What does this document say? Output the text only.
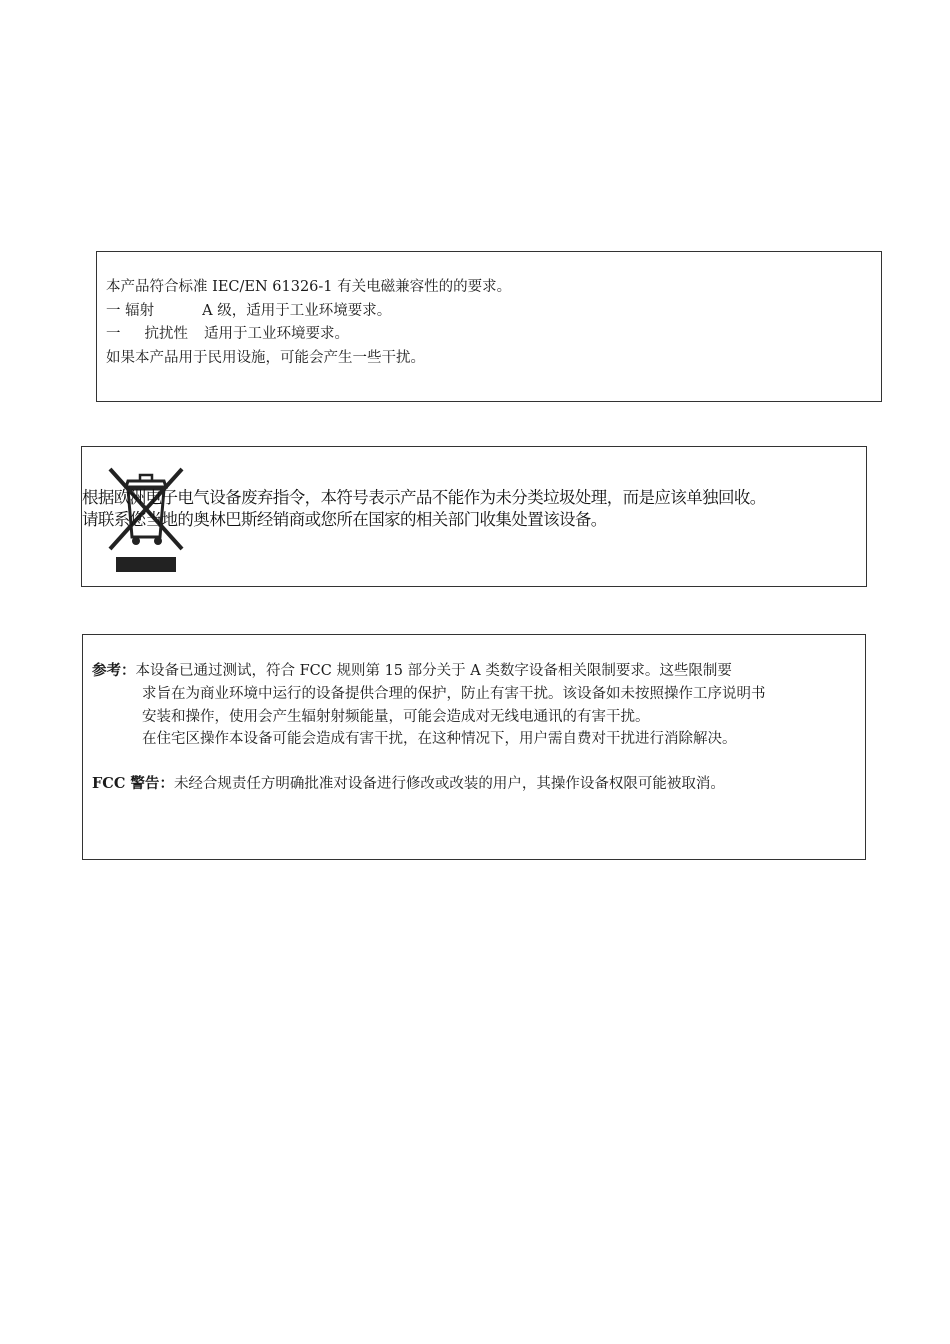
本产品符合标准 IEC/EN 61326-1 有关电磁兼容性的的要求。
一 辐射	A 级，适用于工业环境要求。
一 抗扰性 适用于工业环境要求。
如果本产品用于民用设施，可能会产生一些干扰。
根据欧洲电子电气设备废弃指令，本符号表示产品不能作为未分类垃圾处理，而是应该单独回收。
请联系您当地的奥林巴斯经销商或您所在国家的相关部门收集处置该设备。
参考：本设备已通过测试，符合 FCC 规则第 15 部分关于 A 类数字设备相关限制要求。这些限制要
求旨在为商业环境中运行的设备提供合理的保护，防止有害干扰。该设备如未按照操作工序说明书
安装和操作，使用会产生辐射射频能量，可能会造成对无线电通讯的有害干扰。
在住宅区操作本设备可能会造成有害干扰，在这种情况下，用户需自费对干扰进行消除解决。
FCC 警告：未经合规责任方明确批准对设备进行修改或改装的用户，其操作设备权限可能被取消。
